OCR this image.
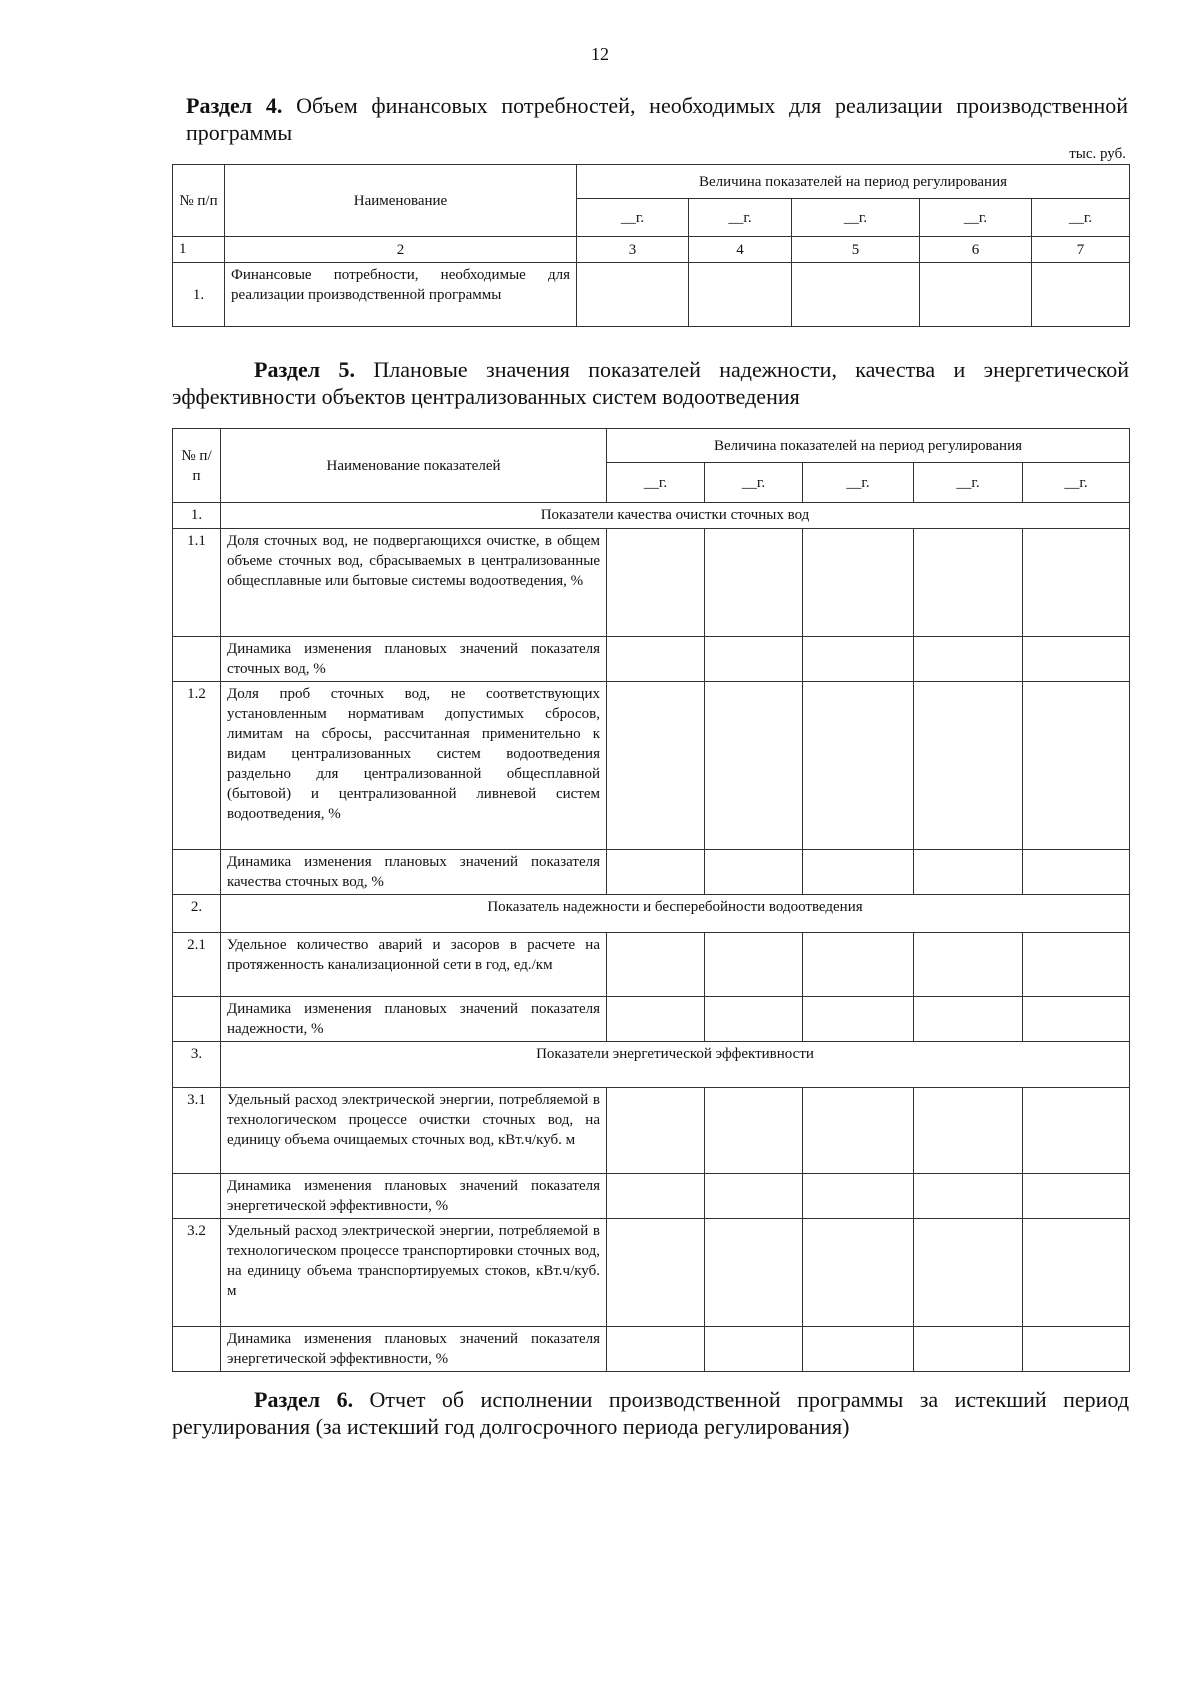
12
Раздел 4. Объем финансовых потребностей, необходимых для реализации производственной программы
тыс. руб.
№ п/п	Наименование	Величина показателей на период регулирования				
		__г.	__г.	__г.	__г.	__г.
1	2	3	4	5	6	7
1.	Финансовые потребности, необходимые для реализации производственной программы					
Раздел 5. Плановые значения показателей надежности, качества и энергетической эффективности объектов централизованных систем водоотведения
№ п/п	Наименование показателей	Величина показателей на период регулирования				
		__г.	__г.	__г.	__г.	__г.
1.	Показатели качества очистки сточных вод					
1.1	Доля сточных вод, не подвергающихся очистке, в общем объеме сточных вод, сбрасываемых в централизованные общесплавные или бытовые системы водоотведения, %					
	Динамика изменения плановых значений показателя сточных вод, %					
1.2	Доля проб сточных вод, не соответствующих установленным нормативам допустимых сбросов, лимитам на сбросы, рассчитанная применительно к видам централизованных систем водоотведения раздельно для централизованной общесплавной (бытовой) и централизованной ливневой систем водоотведения, %					
	Динамика изменения плановых значений показателя качества сточных вод, %					
2.	Показатель надежности и бесперебойности водоотведения					
2.1	Удельное количество аварий и засоров в расчете на протяженность канализационной сети в год, ед./км					
	Динамика изменения плановых значений показателя надежности, %					
3.	Показатели энергетической эффективности					
3.1	Удельный расход электрической энергии, потребляемой в технологическом процессе очистки сточных вод, на единицу объема очищаемых сточных вод, кВт.ч/куб. м					
	Динамика изменения плановых значений показателя энергетической эффективности, %					
3.2	Удельный расход электрической энергии, потребляемой в технологическом процессе транспортировки сточных вод, на единицу объема транспортируемых стоков, кВт.ч/куб. м					
	Динамика изменения плановых значений показателя энергетической эффективности, %					
Раздел 6. Отчет об исполнении производственной программы за истекший период регулирования (за истекший год долгосрочного периода регулирования)
